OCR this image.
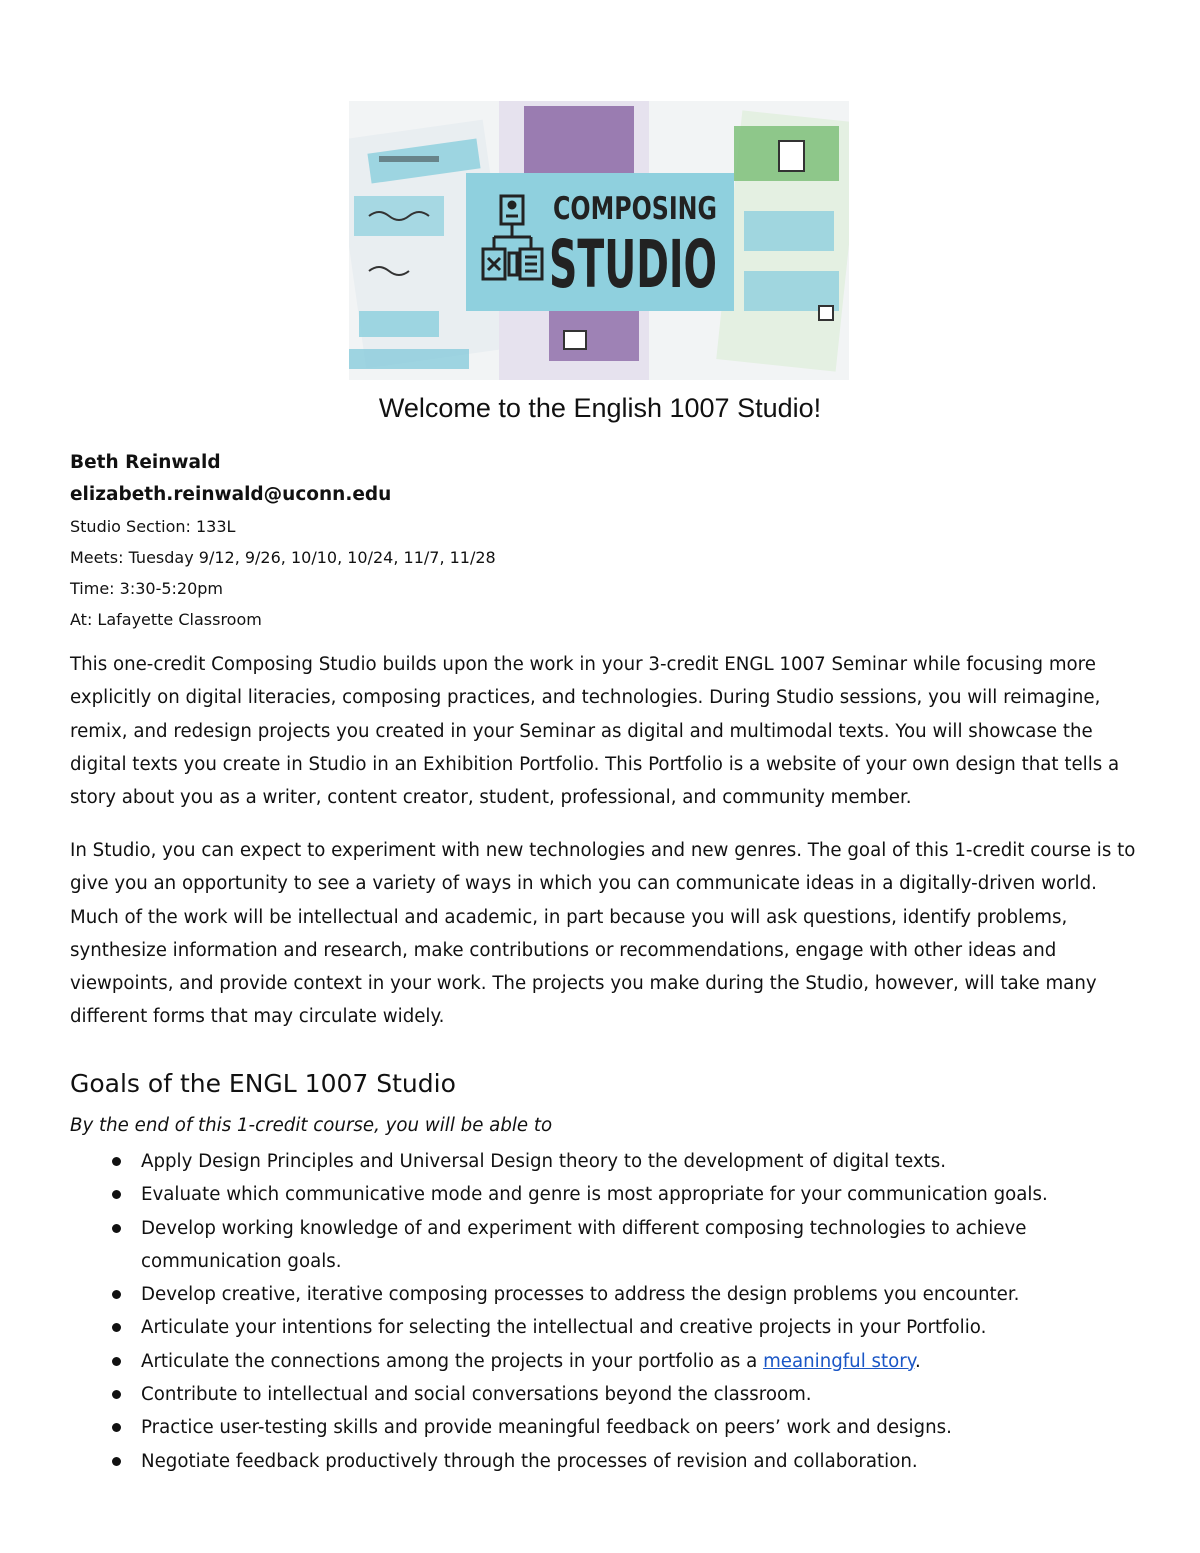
COMPOSING
STUDIO
Welcome to the English 1007 Studio!
Beth Reinwald
elizabeth.reinwald@uconn.edu
Studio Section: 133L
Meets: Tuesday 9/12, 9/26, 10/10, 10/24, 11/7, 11/28
Time: 3:30-5:20pm
At: Lafayette Classroom

This one-credit Composing Studio builds upon the work in your 3-credit ENGL 1007 Seminar while focusing more explicitly on digital literacies, composing practices, and technologies. During Studio sessions, you will reimagine, remix, and redesign projects you created in your Seminar as digital and multimodal texts. You will showcase the digital texts you create in Studio in an Exhibition Portfolio. This Portfolio is a website of your own design that tells a story about you as a writer, content creator, student, professional, and community member.

In Studio, you can expect to experiment with new technologies and new genres. The goal of this 1-credit course is to give you an opportunity to see a variety of ways in which you can communicate ideas in a digitally-driven world. Much of the work will be intellectual and academic, in part because you will ask questions, identify problems, synthesize information and research, make contributions or recommendations, engage with other ideas and viewpoints, and provide context in your work. The projects you make during the Studio, however, will take many different forms that may circulate widely.

Goals of the ENGL 1007 Studio
By the end of this 1-credit course, you will be able to
Apply Design Principles and Universal Design theory to the development of digital texts.
Evaluate which communicative mode and genre is most appropriate for your communication goals.
Develop working knowledge of and experiment with different composing technologies to achieve communication goals.
Develop creative, iterative composing processes to address the design problems you encounter.
Articulate your intentions for selecting the intellectual and creative projects in your Portfolio.
Articulate the connections among the projects in your portfolio as a meaningful story.
Contribute to intellectual and social conversations beyond the classroom.
Practice user-testing skills and provide meaningful feedback on peers’ work and designs.
Negotiate feedback productively through the processes of revision and collaboration.
